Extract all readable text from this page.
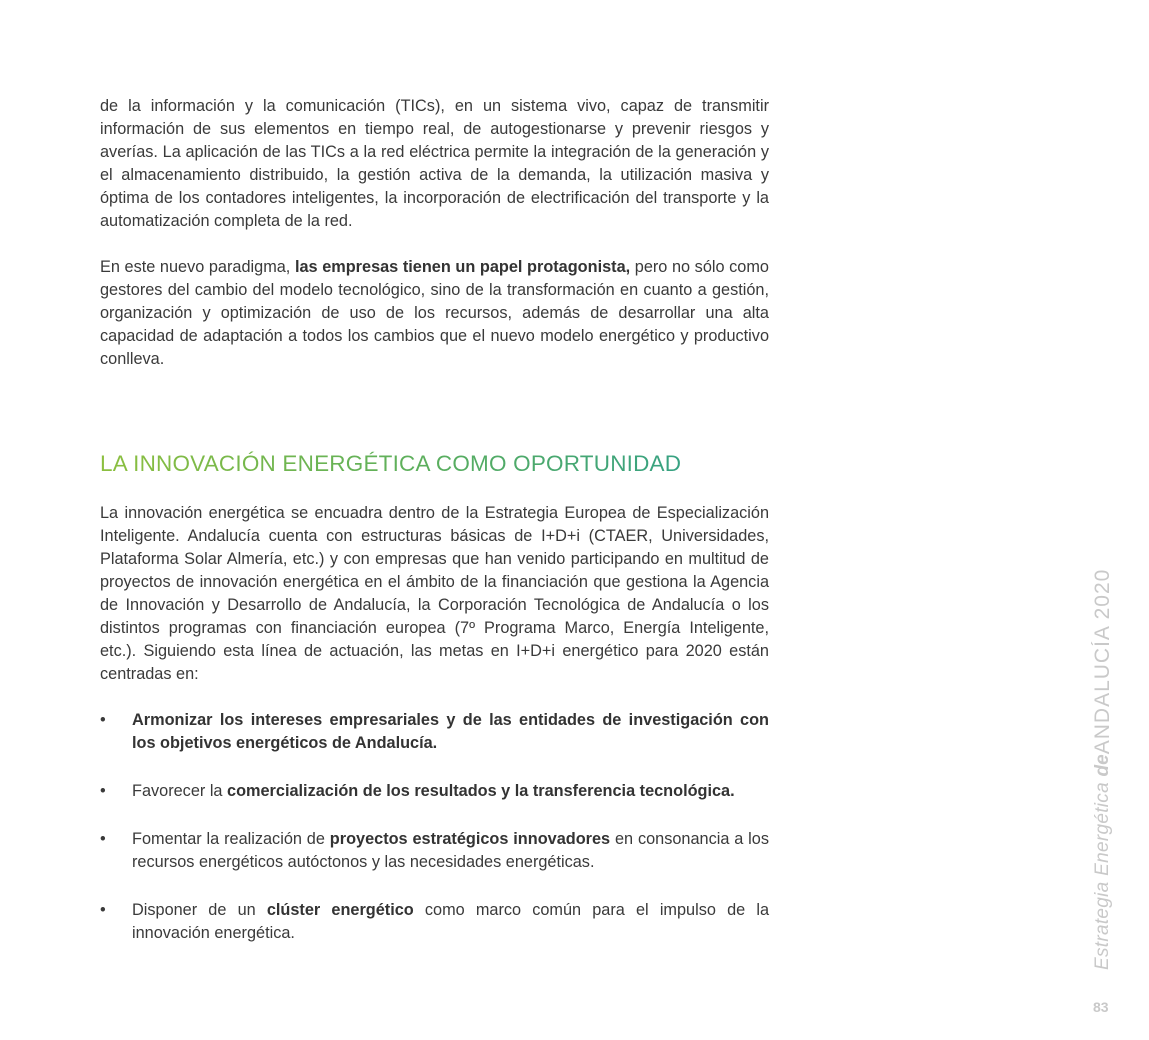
de la información y la comunicación (TICs), en un sistema vivo, capaz de transmitir información de sus elementos en tiempo real, de autogestionarse y prevenir riesgos y averías. La aplicación de las TICs a la red eléctrica permite la integración de la generación y el almacenamiento distribuido, la gestión activa de la demanda, la utilización masiva y óptima de los contadores inteligentes, la incorporación de electrificación del transporte y la automatización completa de la red.

En este nuevo paradigma, las empresas tienen un papel protagonista, pero no sólo como gestores del cambio del modelo tecnológico, sino de la transformación en cuanto a gestión, organización y optimización de uso de los recursos, además de desarrollar una alta capacidad de adaptación a todos los cambios que el nuevo modelo energético y productivo conlleva.

LA INNOVACIÓN ENERGÉTICA COMO OPORTUNIDAD

La innovación energética se encuadra dentro de la Estrategia Europea de Especialización Inteligente. Andalucía cuenta con estructuras básicas de I+D+i (CTAER, Universidades, Plataforma Solar Almería, etc.) y con empresas que han venido participando en multitud de proyectos de innovación energética en el ámbito de la financiación que gestiona la Agencia de Innovación y Desarrollo de Andalucía, la Corporación Tecnológica de Andalucía o los distintos programas con financiación europea (7º Programa Marco, Energía Inteligente, etc.). Siguiendo esta línea de actuación, las metas en I+D+i energético para 2020 están centradas en:

•	Armonizar los intereses empresariales y de las entidades de investigación con los objetivos energéticos de Andalucía.
•	Favorecer la comercialización de los resultados y la transferencia tecnológica.
•	Fomentar la realización de proyectos estratégicos innovadores en consonancia a los recursos energéticos autóctonos y las necesidades energéticas.
•	Disponer de un clúster energético como marco común para el impulso de la innovación energética.	Estrategia Energética deANDALUCÍA 2020
83
